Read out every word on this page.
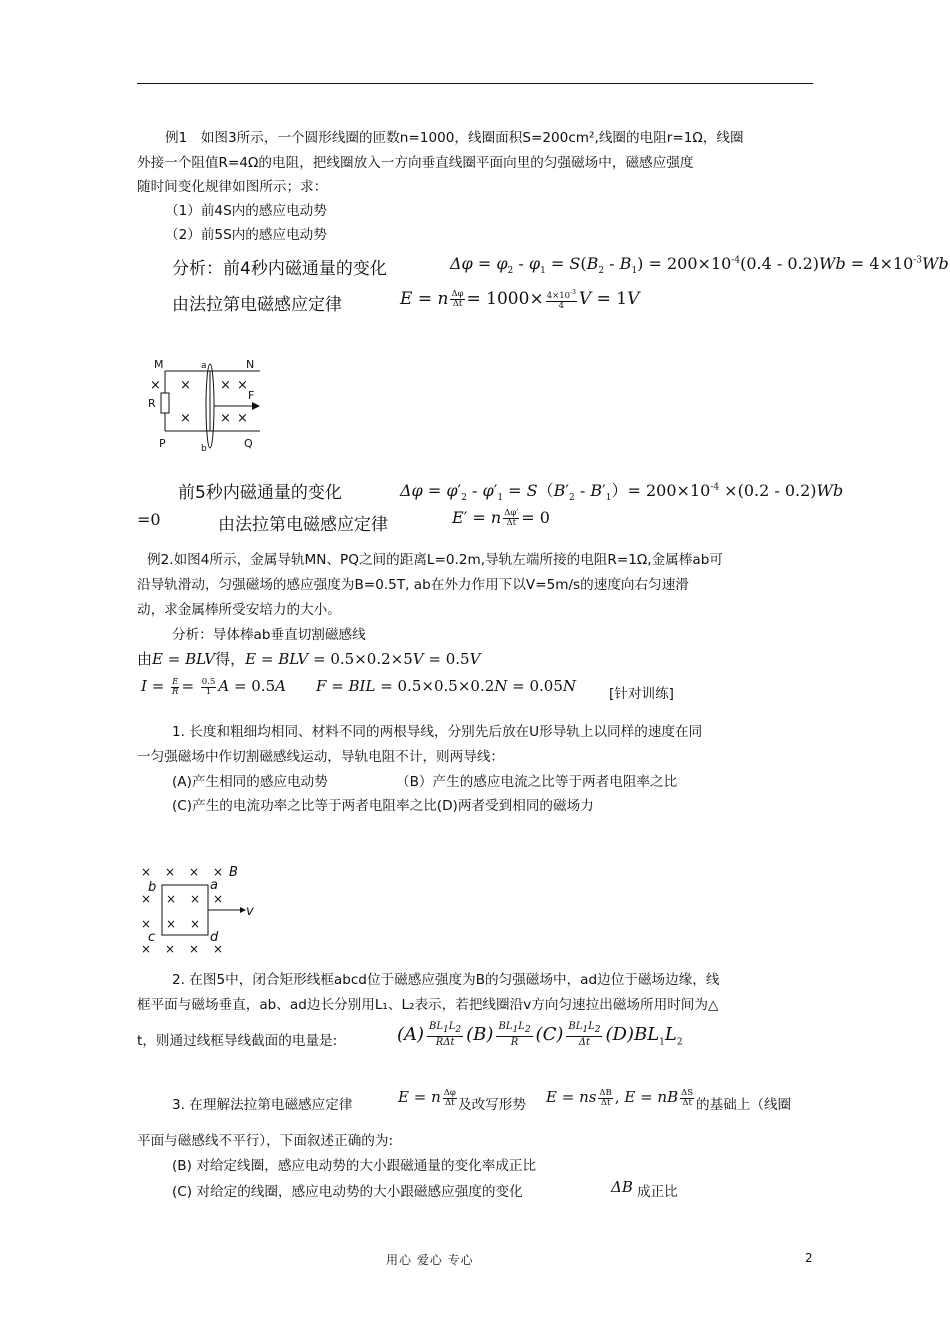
例1　如图3所示，一个圆形线圈的匝数n=1000，线圈面积S=200cm²,线圈的电阻r=1Ω，线圈
外接一个阻值R=4Ω的电阻，把线圈放入一方向垂直线圈平面向里的匀强磁场中，磁感应强度
随时间变化规律如图所示；求：
（1）前4S内的感应电动势
（2）前5S内的感应电动势
分析：前4秒内磁通量的变化	$\Delta\varphi = \varphi_2 - \varphi_1 = S(B_2 - B_1) = 200\times 10^{-4}(0.4 - 0.2)Wb = 4\times 10^{-3}Wb$
由法拉第电磁感应定律	E = n $\frac{\Delta\varphi}{\Delta t} = 1000\times \frac{4\times 10^{-3}}{4}$ V = 1V
M	a	N
R
F
P	b	Q
× × × ×
× × ×
前5秒内磁通量的变化	$\Delta\varphi = \varphi'_2 - \varphi'_1 = S(B'_2 - B'_1)= 200\times 10^{-4} \times(0.2 - 0.2)Wb$
=0	由法拉第电磁感应定律	E′ = n $\frac{\Delta\varphi'}{\Delta t} = 0$
例2.如图4所示，金属导轨MN、PQ之间的距离L=0.2m,导轨左端所接的电阻R=1Ω,金属棒ab可
沿导轨滑动，匀强磁场的感应强度为B=0.5T, ab在外力作用下以V=5m/s的速度向右匀速滑
动，求金属棒所受安培力的大小。
分析：导体棒ab垂直切割磁感线
由E = BLV得，E = BLV = 0.5×0.2×5V = 0.5V
$I = \frac{E}{R} = \frac{0.5}{1}$ A = 0.5A　　 F = BIL = 0.5×0.5×0.2N = 0.05N [针对训练]
1. 长度和粗细均相同、材料不同的两根导线，分别先后放在U形导轨上以同样的速度在同
一匀强磁场中作切割磁感线运动，导轨电阻不计，则两导线：
(A)产生相同的感应电动势	（B）产生的感应电流之比等于两者电阻率之比
(C)产生的电流功率之比等于两者电阻率之比(D)两者受到相同的磁场力
× × × ×
× ×
×	×
× × ×
× × × ×
B
b	a
v
c	d
2. 在图5中，闭合矩形线框abcd位于磁感应强度为B的匀强磁场中，ad边位于磁场边缘，线
框平面与磁场垂直，ab、ad边长分别用L₁、L₂表示，若把线圈沿v方向匀速拉出磁场所用时间为△
t，则通过线框导线截面的电量是:	(A) $BL_1L_2$
RΔt $(B) \frac{BL_1L_2}{R} (C) \frac{BL_1L_2}{\Delta t} (D)BL_1L_2$
3. 在理解法拉第电磁感应定律	E = n $\frac{\Delta\varphi}{\Delta t}$ 及改写形势 E = ns $\frac{\Delta B}{\Delta t}$ , E = nB $\frac{\Delta S}{\Delta t}$ 的基础上（线圈
平面与磁感线不平行），下面叙述正确的为:
(B) 对给定线圈，感应电动势的大小跟磁通量的变化率成正比
(C) 对给定的线圈，感应电动势的大小跟磁感应强度的变化	ΔB 成正比
用心 爱心 专心	2
